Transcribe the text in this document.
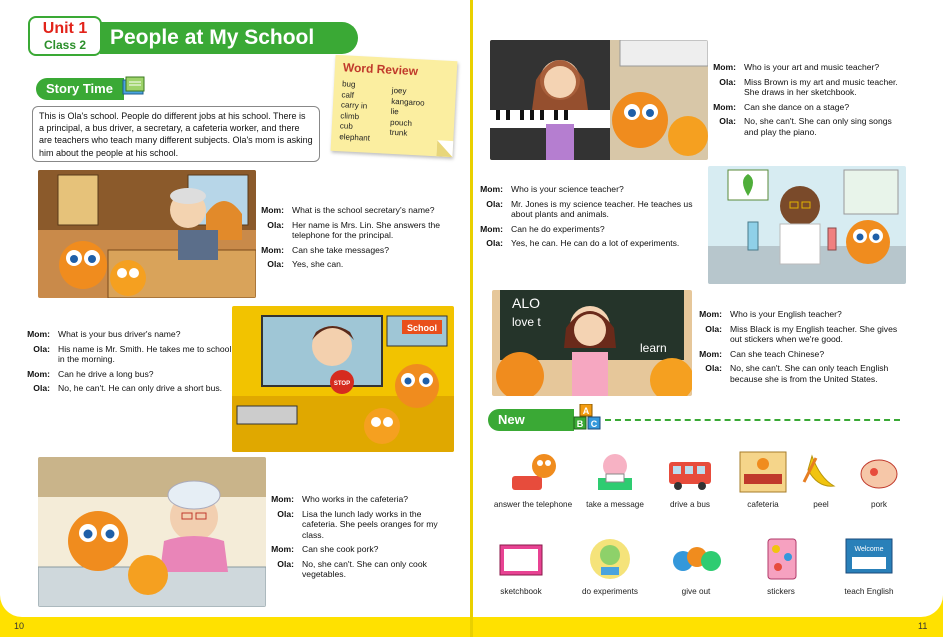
Unit 1
Class 2	People at My School
Story Time
This is Ola's school. People do different jobs at his school. There is a principal, a bus driver, a secretary, a cafeteria worker, and there are teachers who teach many different subjects. Ola's mom is asking him about the people at his school.
Word Review
bug
calf
carry in
climb
cub
elephant
joey
kangaroo
lie
pouch
trunk
Mom: What is the school secretary's name?
Ola: Her name is Mrs. Lin. She answers the telephone for the principal.
Mom: Can she take messages?
Ola: Yes, she can.
Mom: What is your bus driver's name?
Ola: His name is Mr. Smith. He takes me to school in the morning.
Mom: Can he drive a long bus?
Ola: No, he can't. He can only drive a short bus.
School
STOP
Mom: Who works in the cafeteria?
Ola: Lisa the lunch lady works in the cafeteria. She peels oranges for my class.
Mom: Can she cook pork?
Ola: No, she can't. She can only cook vegetables.
Mom: Who is your art and music teacher?
Ola: Miss Brown is my art and music teacher. She draws in her sketchbook.
Mom: Can she dance on a stage?
Ola: No, she can't. She can only sing songs and play the piano.
Mom: Who is your science teacher?
Ola: Mr. Jones is my science teacher. He teaches us about plants and animals.
Mom: Can he do experiments?
Ola: Yes, he can. He can do a lot of experiments.
ALO
love t
learn
Mom: Who is your English teacher?
Ola: Miss Black is my English teacher. She gives out stickers when we're good.
Mom: Can she teach Chinese?
Ola: No, she can't. She can only teach English because she is from the United States.
New Words
A
B C
answer the telephone	take a message	drive a bus	cafeteria	peel	pork
sketchbook	do experiments	give out	stickers
Welcome
teach English
10	11
